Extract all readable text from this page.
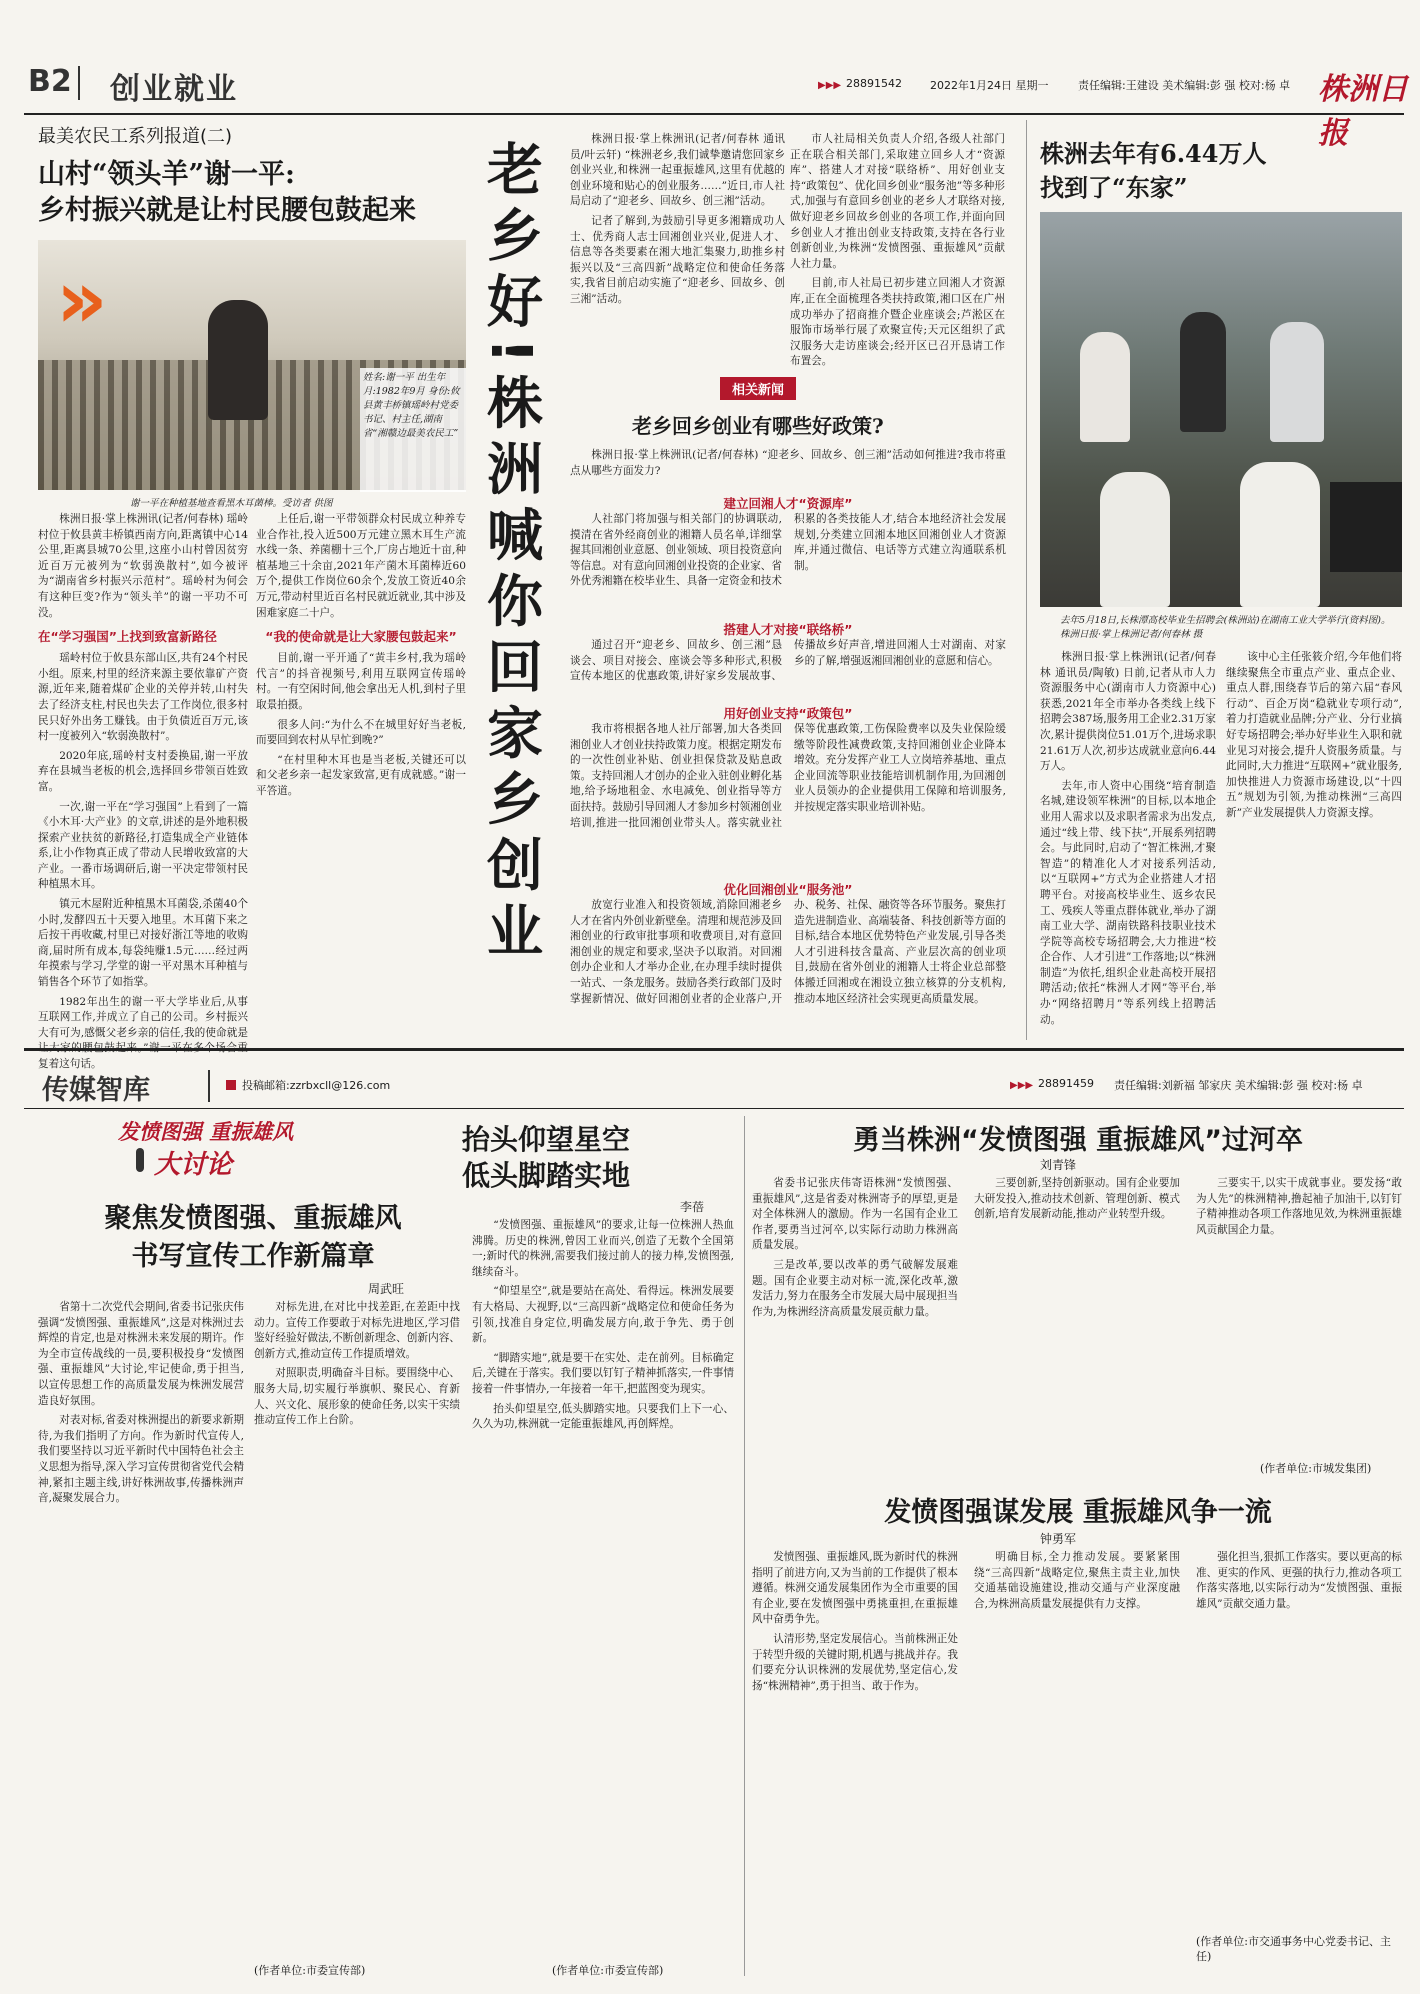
B2 创业就业	▶▶▶ 28891542	2022年1月24日 星期一	责任编辑:王建设 美术编辑:彭 强 校对:杨 卓 株洲日报
最美农民工系列报道(二)
山村“领头羊”谢一平:
乡村振兴就是让村民腰包鼓起来
»
姓名:谢一平 出生年月:1982年9月 身份:攸县黄丰桥镇瑶岭村党委书记、村主任,湖南省“湘赣边最美农民工”
谢一平在种植基地查看黑木耳菌棒。受访者 供图

株洲日报·掌上株洲讯(记者/何春林) 瑶岭村位于攸县黄丰桥镇西南方向,距离镇中心14公里,距离县城70公里,这座小山村曾因贫穷近百万元被列为“软弱涣散村”,如今被评为“湖南省乡村振兴示范村”。瑶岭村为何会有这种巨变?作为“领头羊”的谢一平功不可没。

在“学习强国”上找到致富新路径

瑶岭村位于攸县东部山区,共有24个村民小组。原来,村里的经济来源主要依靠矿产资源,近年来,随着煤矿企业的关停并转,山村失去了经济支柱,村民也失去了工作岗位,很多村民只好外出务工赚钱。由于负债近百万元,该村一度被列入“软弱涣散村”。

2020年底,瑶岭村支村委换届,谢一平放弃在县城当老板的机会,选择回乡带领百姓致富。

一次,谢一平在“学习强国”上看到了一篇《小木耳·大产业》的文章,讲述的是外地积极探索产业扶贫的新路径,打造集成全产业链体系,让小作物真正成了带动人民增收致富的大产业。一番市场调研后,谢一平决定带领村民种植黑木耳。

镇元木屋附近种植黑木耳菌袋,杀菌40个小时,发酵四五十天要入地里。木耳菌下来之后按干再收藏,村里已对接好浙江等地的收购商,届时所有成本,每袋纯赚1.5元……经过两年摸索与学习,学堂的谢一平对黑木耳种植与销售各个环节了如指掌。

1982年出生的谢一平大学毕业后,从事互联网工作,并成立了自己的公司。乡村振兴大有可为,感慨父老乡亲的信任,我的使命就是 复着这句话。

上任后,谢一平带领群众村民成立种养专业合作社,投入近500万元建立黑木耳生产流水线一条、养菌棚十三个,厂房占地近十亩,种植基地三十余亩,2021年产菌木耳菌棒近60万个,提供工作岗位60余个,发放工资近40余万元,带动村里近百名村民就近就业,其中涉及困难家庭二十户。

“我的使命就是让大家腰包鼓起来”

目前,谢一平开通了“黄丰乡村,我为瑶岭代言”的抖音视频号,利用互联网宣传瑶岭村。一有空闲时间,他会拿出无人机,到村子里取景拍摄。

很多人问:“为什么不在城里好好当老板,而要回到农村从早忙到晚?”

“在村里种木耳也是当老板,关键还可以和父老乡亲一起发家致富,更有成就感。”谢一平答道。	老乡好!株洲喊你回家乡创业

株洲日报·掌上株洲讯(记者/何春林 通讯员/叶云轩) “株洲老乡,我们诚挚邀请您回家乡创业兴业,和株洲一起重振雄风,这里有优越的创业环境和贴心的创业服务……”近日,市人社局启动了“迎老乡、回故乡、创三湘”活动。

记者了解到,为鼓励引导更多湘籍成功人士、优秀商人志士回湘创业兴业,促进人才、信息等各类要素在湘大地汇集聚力,助推乡村振兴以及“三高四新”战略定位和使命任务落实,我省目前启动实施了“迎老乡、回故乡、创三湘”活动。

市人社局相关负责人介绍,各级人社部门正在联合相关部门,采取建立回乡人才“资源库”、搭建人才对接“联络桥”、用好创业支持“政策包”、优化回乡创业“服务池”等多种形式,加强与有意回乡创业的老乡人才联络对接,做好迎老乡回故乡创业的各项工作,并面向回乡创业人才推出创业支持政策,支持在各行业创新创业,为株洲“发愤图强、重振雄风”贡献人社力量。

目前,市人社局已初步建立回湘人才资源库,正在全面梳理各类扶持政策,湘口区在广州成功举办了招商推介暨企业座谈会;芦淞区在服饰市场举行展了欢聚宣传;天元区组织了武汉服务大走访座谈会;经开区已召开恳请工作布置会。

相关新闻
老乡回乡创业有哪些好政策?

株洲日报·掌上株洲讯(记者/何春林) “迎老乡、回故乡、创三湘”活动如何推进?我市将重点从哪些方面发力?

建立回湘人才“资源库”

人社部门将加强与相关部门的协调联动,摸清在省外经商创业的湘籍人员名单,详细掌握其回湘创业意愿、创业领域、项目投资意向等信息。对有意向回湘创业投资的企业家、省外优秀湘籍在校毕业生、具备一定资金和技术积累的各类技能人才,结合本地经济社会发展规划,分类建立回湘本地区回湘创业人才资源库,并通过微信、电话等方式建立沟通联系机制。

搭建人才对接“联络桥”

通过召开“迎老乡、回故乡、创三湘”恳谈会、项目对接会、座谈会等多种形式,积极宣传本地区的优惠政策,讲好家乡发展故事、传播故乡好声音,增进回湘人士对湖南、对家乡的了解,增强返湘回湘创业的意愿和信心。

用好创业支持“政策包”

我市将根据各地人社厅部署,加大各类回湘创业人才创业扶持政策力度。根据定期发布的一次性创业补贴、创业担保贷款及贴息政策。支持回湘人才创办的企业入驻创业孵化基地,给予场地租金、水电减免、创业指导等方面扶持。鼓励引导回湘人才参加乡村领湘创业培训,推进一批回湘创业带头人。落实就业社保等优惠政策,工伤保险费率以及失业保险缓缴等阶段性减费政策,支持回湘创业企业降本增效。充分发挥产业工人立岗培养基地、重点企业回流等职业技能培训机制作用,为回湘创业人员领办的企业提供用工保障和培训服务,并按规定落实职业培训补贴。

优化回湘创业“服务池”

放宽行业准入和投资领域,消除回湘老乡人才在省内外创业新壁垒。清理和规范涉及回湘创业的行政审批事项和收费项目,对有意回湘创业的规定和要求,坚决予以取消。对回湘创办企业和人才举办企业,在办理手续时提供一站式、一条龙服务。鼓励各类行政部门及时掌握新情况、做好回湘创业者的企业落户,开办、税务、社保、融资等各环节服务。聚焦打造先进制造业、高端装备、科技创新等方面的目标,结合本地区优势特色产业发展,引导各类人才引进科技含量高、产业层次高的创业项目,鼓励在省外创业的湘籍人士将企业总部整体搬迁回湘或在湘设立独立核算的分支机构,推动本地区经济社会实现更高质量发展。

株洲去年有6.44万人
找到了“东家”
去年5月18日,长株潭高校毕业生招聘会(株洲站)在湖南工业大学举行(资料图)。 株洲日报·掌上株洲记者/何春林 摄

株洲日报·掌上株洲讯(记者/何春林 通讯员/陶敏) 日前,记者从市人力资源服务中心(湖南市人力资源中心)获悉,2021年全市举办各类线上线下招聘会387场,服务用工企业2.31万家次,累计提供岗位51.01万个,进场求职21.61万人次,初步达成就业意向6.44万人。

去年,市人资中心围绕“培育制造名城,建设领军株洲”的目标,以本地企业用人需求以及求职者需求为出发点,通过“线上带、线下扶”,开展系列招聘会。与此同时,启动了“智汇株洲,才聚智造”的精准化人才对接系列活动,以“互联网+”方式为企业搭建人才招聘平台。对接高校毕业生、返乡农民工、残疾人等重点群体就业,举办了湖南工业大学、湖南铁路科技职业技术学院等高校专场招聘会,大力推进“校企合作、人才引进”工作落地;以“株洲制造”为依托,组织企业赴高校开展招聘活动;依托“株洲人才网”等平台,举办“网络招聘月”等系列线上招聘活动。

该中心主任张筱介绍,今年他们将继续聚焦全市重点产业、重点企业、重点人群,围绕春节后的第六届“春风行动”、百企万岗“稳就业专项行动”,着力打造就业品牌;分产业、分行业搞好专场招聘会;举办好毕业生入职和就业见习对接会,提升人资服务质量。与此同时,大力推进“互联网+”就业服务,加快推进人力资源市场建设,以“十四五”规划为引领,为推动株洲“三高四新”产业发展提供人力资源支撑。

传媒智库	投稿邮箱:zzrbxcll@126.com	▶▶▶ 28891459 责任编辑:刘新福 邹家庆 美术编辑:彭 强 校对:杨 卓
发愤图强 重振雄风
大讨论
聚焦发愤图强、重振雄风
书写宣传工作新篇章
周武旺

省第十二次党代会期间,省委书记张庆伟强调“发愤图强、重振雄风”,这是对株洲过去辉煌的肯定,也是对株洲未来发展的期许。作为全市宣传战线的一员,要积极投身“发愤图强、重振雄风”大讨论,牢记使命,勇于担当,以宣传思想工作的高质量发展为株洲发展营造良好氛围。

对表对标,省委对株洲提出的新要求新期待,为我们指明了方向。作为新时代宣传人,我们要坚持以习近平新时代中国特色社会主义思想为指导,深入学习宣传贯彻省党代会精神,紧扣主题主线,讲好株洲故事,传播株洲声音,凝聚发展合力。

对标先进,在对比中找差距,在差距中找动力。宣传工作要敢于对标先进地区,学习借鉴好经验好做法,不断创新理念、创新内容、创新方式,推动宣传工作提质增效。

对照职责,明确奋斗目标。要围绕中心、服务大局,切实履行举旗帜、聚民心、育新人、兴文化、展形象的使命任务,以实干实绩推动宣传工作上台阶。

(作者单位:市委宣传部)
抬头仰望星空
低头脚踏实地
李蓓

“发愤图强、重振雄风”的要求,让每一位株洲人热血沸腾。历史的株洲,曾因工业而兴,创造了无数个全国第一;新时代的株洲,需要我们接过前人的接力棒,发愤图强,继续奋斗。

“仰望星空”,就是要站在高处、看得远。株洲发展要有大格局、大视野,以“三高四新”战略定位和使命任务为引领,找准自身定位,明确发展方向,敢于争先、勇于创新。

“脚踏实地”,就是要干在实处、走在前列。目标确定后,关键在于落实。我们要以钉钉子精神抓落实,一件事情接着一件事情办,一年接着一年干,把蓝图变为现实。

抬头仰望星空,低头脚踏实地。只要我们上下一心、久久为功,株洲就一定能重振雄风,再创辉煌。

(作者单位:市委宣传部)
勇当株洲“发愤图强 重振雄风”过河卒
刘青锋

省委书记张庆伟寄语株洲“发愤图强、重振雄风”,这是省委对株洲寄予的厚望,更是对全体株洲人的激励。作为一名国有企业工作者,要勇当过河卒,以实际行动助力株洲高质量发展。

三是改革,要以改革的勇气破解发展难题。国有企业要主动对标一流,深化改革,激发活力,努力在服务全市发展大局中展现担当作为,为株洲经济高质量发展贡献力量。

三要创新,坚持创新驱动。国有企业要加大研发投入,推动技术创新、管理创新、模式创新,培育发展新动能,推动产业转型升级。

三要实干,以实干成就事业。要发扬“敢为人先”的株洲精神,撸起袖子加油干,以钉钉子精神推动各项工作落地见效,为株洲重振雄风贡献国企力量。

(作者单位:市城发集团)
发愤图强谋发展 重振雄风争一流
钟勇军

发愤图强、重振雄风,既为新时代的株洲指明了前进方向,又为当前的工作提供了根本遵循。株洲交通发展集团作为全市重要的国有企业,要在发愤图强中勇挑重担,在重振雄风中奋勇争先。

认清形势,坚定发展信心。当前株洲正处于转型升级的关键时期,机遇与挑战并存。我们要充分认识株洲的发展优势,坚定信心,发扬“株洲精神”,勇于担当、敢于作为。

明确目标,全力推动发展。要紧紧围绕“三高四新”战略定位,聚焦主责主业,加快交通基础设施建设,推动交通与产业深度融合,为株洲高质量发展提供有力支撑。

强化担当,狠抓工作落实。要以更高的标准、更实的作风、更强的执行力,推动各项工作落实落地,以实际行动为“发愤图强、重振雄风”贡献交通力量。

(作者单位:市交通事务中心党委书记、主任)
